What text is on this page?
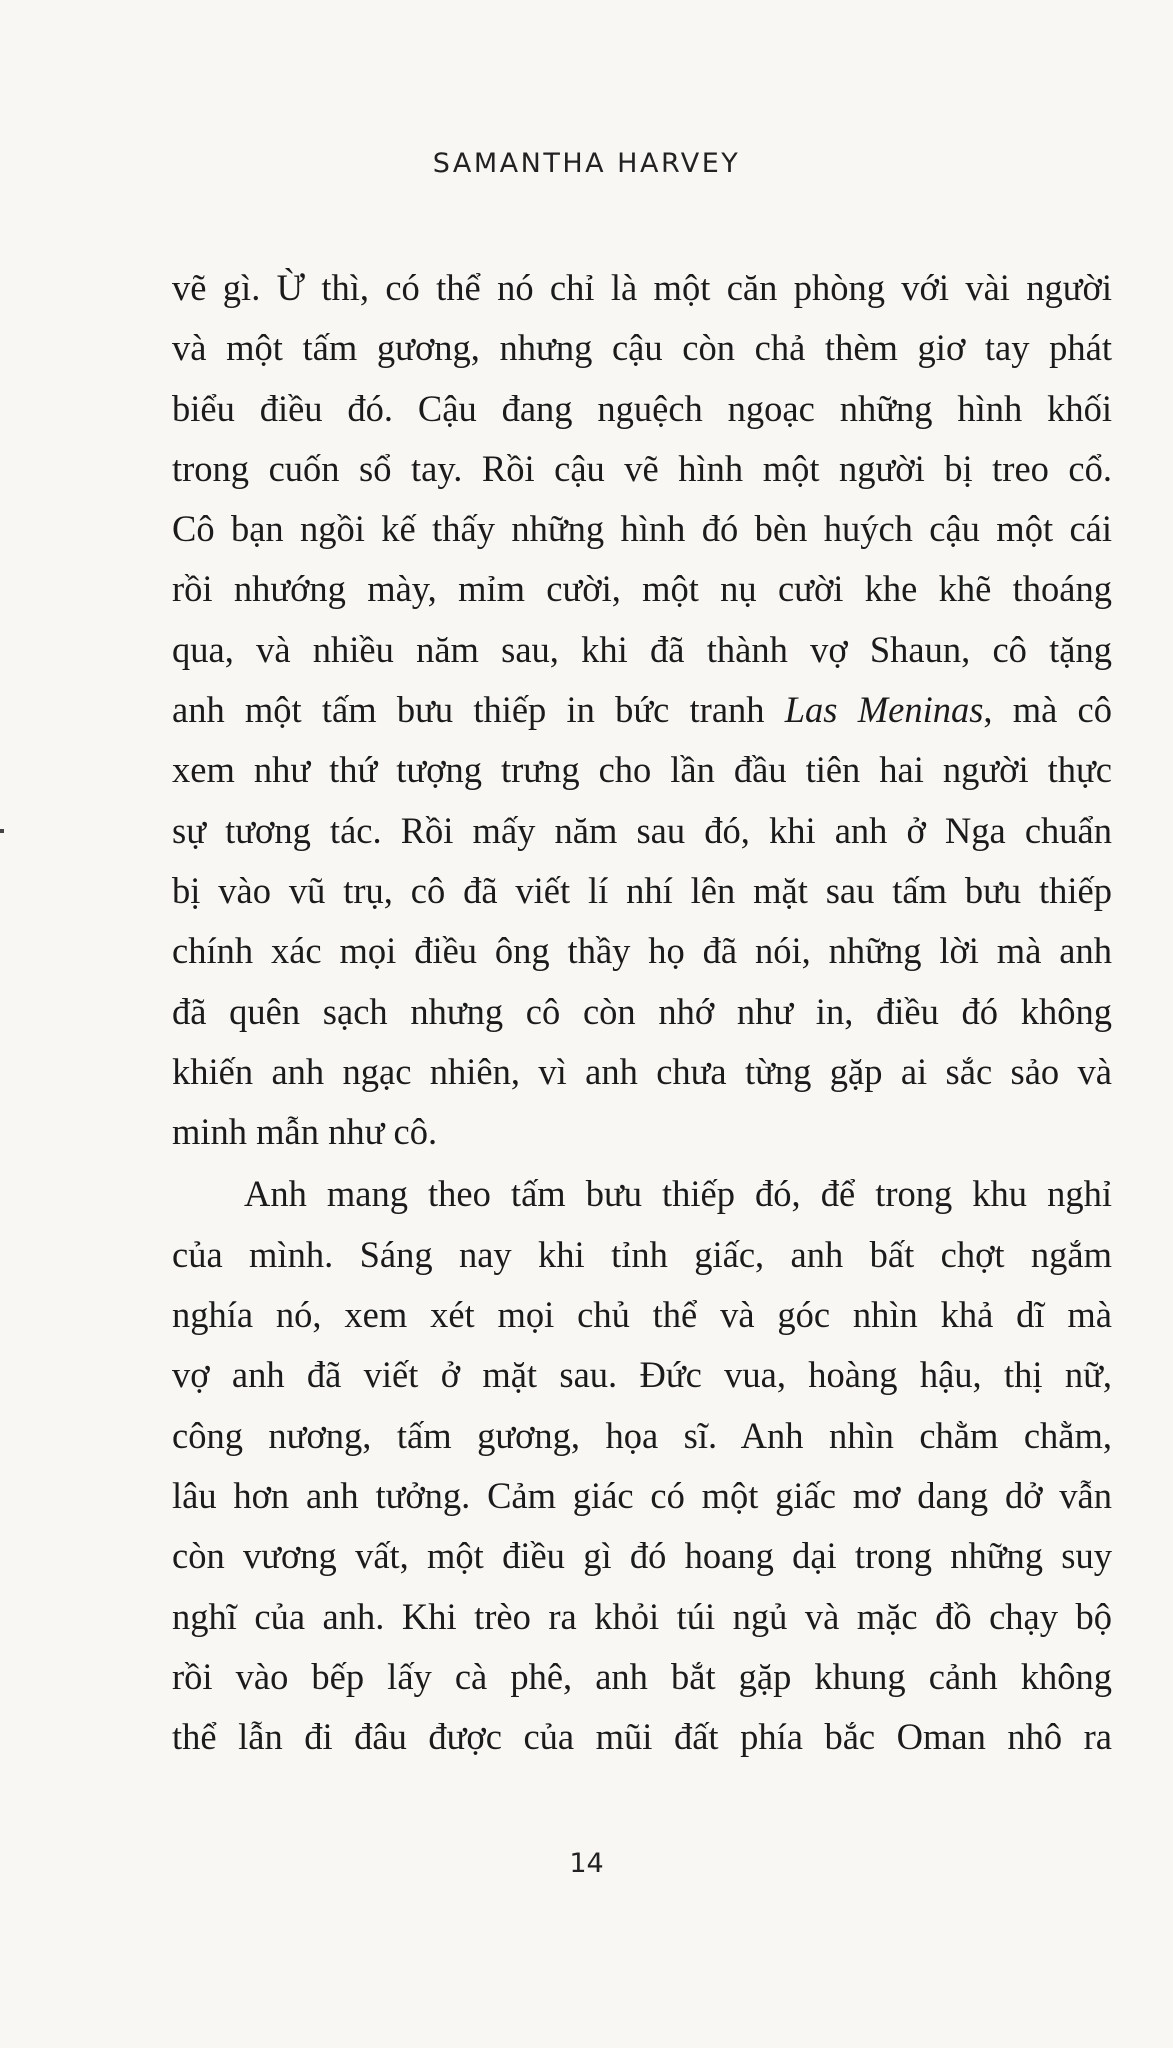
SAMANTHA HARVEY
vẽ gì. Ừ thì, có thể nó chỉ là một căn phòng với vài người
và một tấm gương, nhưng cậu còn chả thèm giơ tay phát
biểu điều đó. Cậu đang nguệch ngoạc những hình khối
trong cuốn sổ tay. Rồi cậu vẽ hình một người bị treo cổ.
Cô bạn ngồi kế thấy những hình đó bèn huých cậu một cái
rồi nhướng mày, mỉm cười, một nụ cười khe khẽ thoáng
qua, và nhiều năm sau, khi đã thành vợ Shaun, cô tặng
anh một tấm bưu thiếp in bức tranh Las Meninas, mà cô
xem như thứ tượng trưng cho lần đầu tiên hai người thực
sự tương tác. Rồi mấy năm sau đó, khi anh ở Nga chuẩn
bị vào vũ trụ, cô đã viết lí nhí lên mặt sau tấm bưu thiếp
chính xác mọi điều ông thầy họ đã nói, những lời mà anh
đã quên sạch nhưng cô còn nhớ như in, điều đó không
khiến anh ngạc nhiên, vì anh chưa từng gặp ai sắc sảo và
minh mẫn như cô.
Anh mang theo tấm bưu thiếp đó, để trong khu nghỉ
của mình. Sáng nay khi tỉnh giấc, anh bất chợt ngắm
nghía nó, xem xét mọi chủ thể và góc nhìn khả dĩ mà
vợ anh đã viết ở mặt sau. Đức vua, hoàng hậu, thị nữ,
công nương, tấm gương, họa sĩ. Anh nhìn chằm chằm,
lâu hơn anh tưởng. Cảm giác có một giấc mơ dang dở vẫn
còn vương vất, một điều gì đó hoang dại trong những suy
nghĩ của anh. Khi trèo ra khỏi túi ngủ và mặc đồ chạy bộ
rồi vào bếp lấy cà phê, anh bắt gặp khung cảnh không
thể lẫn đi đâu được của mũi đất phía bắc Oman nhô ra
14
